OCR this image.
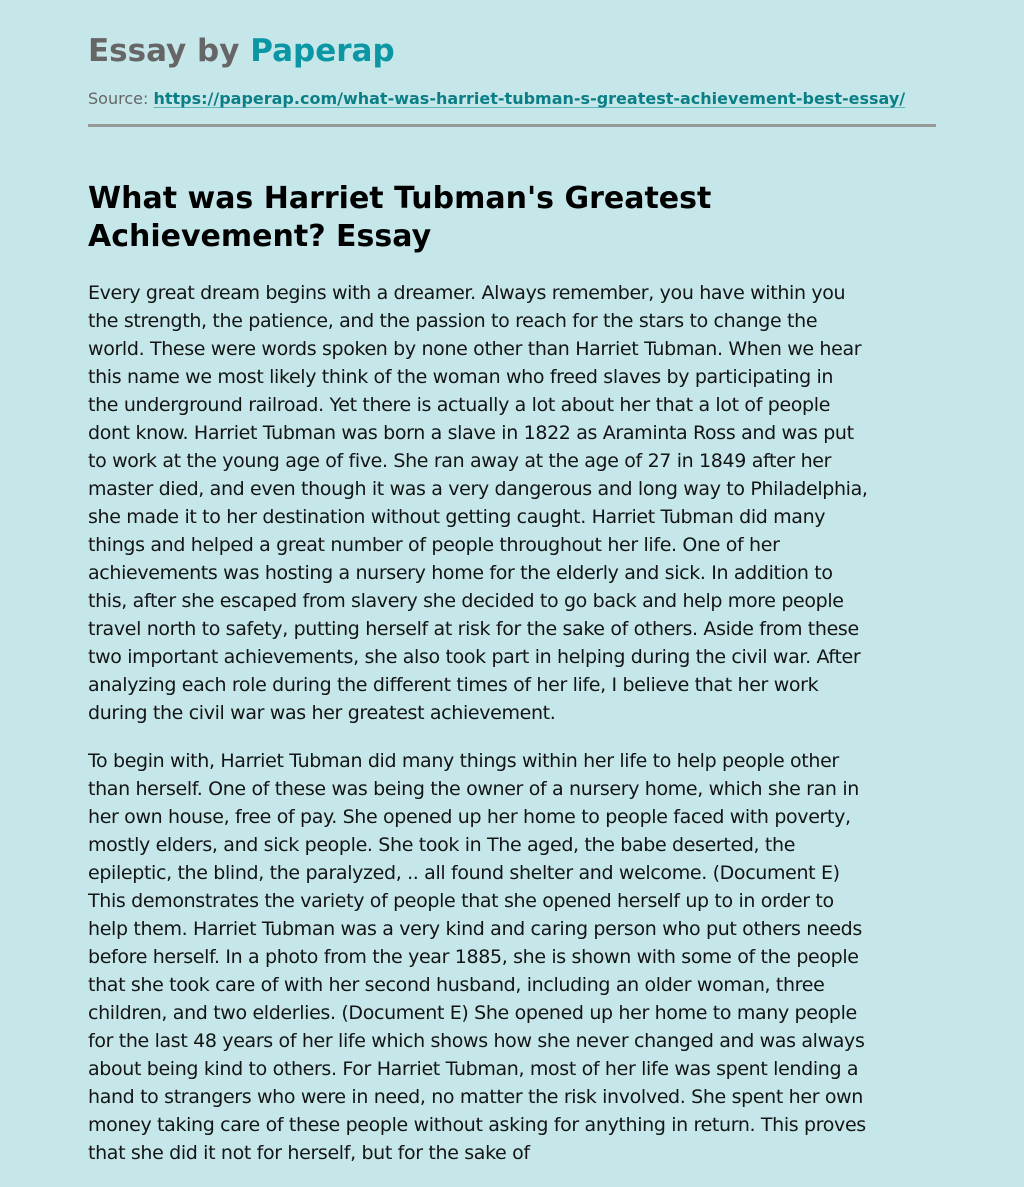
Essay by Paperap
Source: https://paperap.com/what-was-harriet-tubman-s-greatest-achievement-best-essay/
What was Harriet Tubman's Greatest
Achievement? Essay

Every great dream begins with a dreamer. Always remember, you have within you
the strength, the patience, and the passion to reach for the stars to change the
world. These were words spoken by none other than Harriet Tubman. When we hear
this name we most likely think of the woman who freed slaves by participating in
the underground railroad. Yet there is actually a lot about her that a lot of people
dont know. Harriet Tubman was born a slave in 1822 as Araminta Ross and was put
to work at the young age of five. She ran away at the age of 27 in 1849 after her
master died, and even though it was a very dangerous and long way to Philadelphia,
she made it to her destination without getting caught. Harriet Tubman did many
things and helped a great number of people throughout her life. One of her
achievements was hosting a nursery home for the elderly and sick. In addition to
this, after she escaped from slavery she decided to go back and help more people
travel north to safety, putting herself at risk for the sake of others. Aside from these
two important achievements, she also took part in helping during the civil war. After
analyzing each role during the different times of her life, I believe that her work
during the civil war was her greatest achievement.

To begin with, Harriet Tubman did many things within her life to help people other
than herself. One of these was being the owner of a nursery home, which she ran in
her own house, free of pay. She opened up her home to people faced with poverty,
mostly elders, and sick people. She took in The aged, the babe deserted, the
epileptic, the blind, the paralyzed, .. all found shelter and welcome. (Document E)
This demonstrates the variety of people that she opened herself up to in order to
help them. Harriet Tubman was a very kind and caring person who put others needs
before herself. In a photo from the year 1885, she is shown with some of the people
that she took care of with her second husband, including an older woman, three
children, and two elderlies. (Document E) She opened up her home to many people
for the last 48 years of her life which shows how she never changed and was always
about being kind to others. For Harriet Tubman, most of her life was spent lending a
hand to strangers who were in need, no matter the risk involved. She spent her own
money taking care of these people without asking for anything in return. This proves
that she did it not for herself, but for the sake of
